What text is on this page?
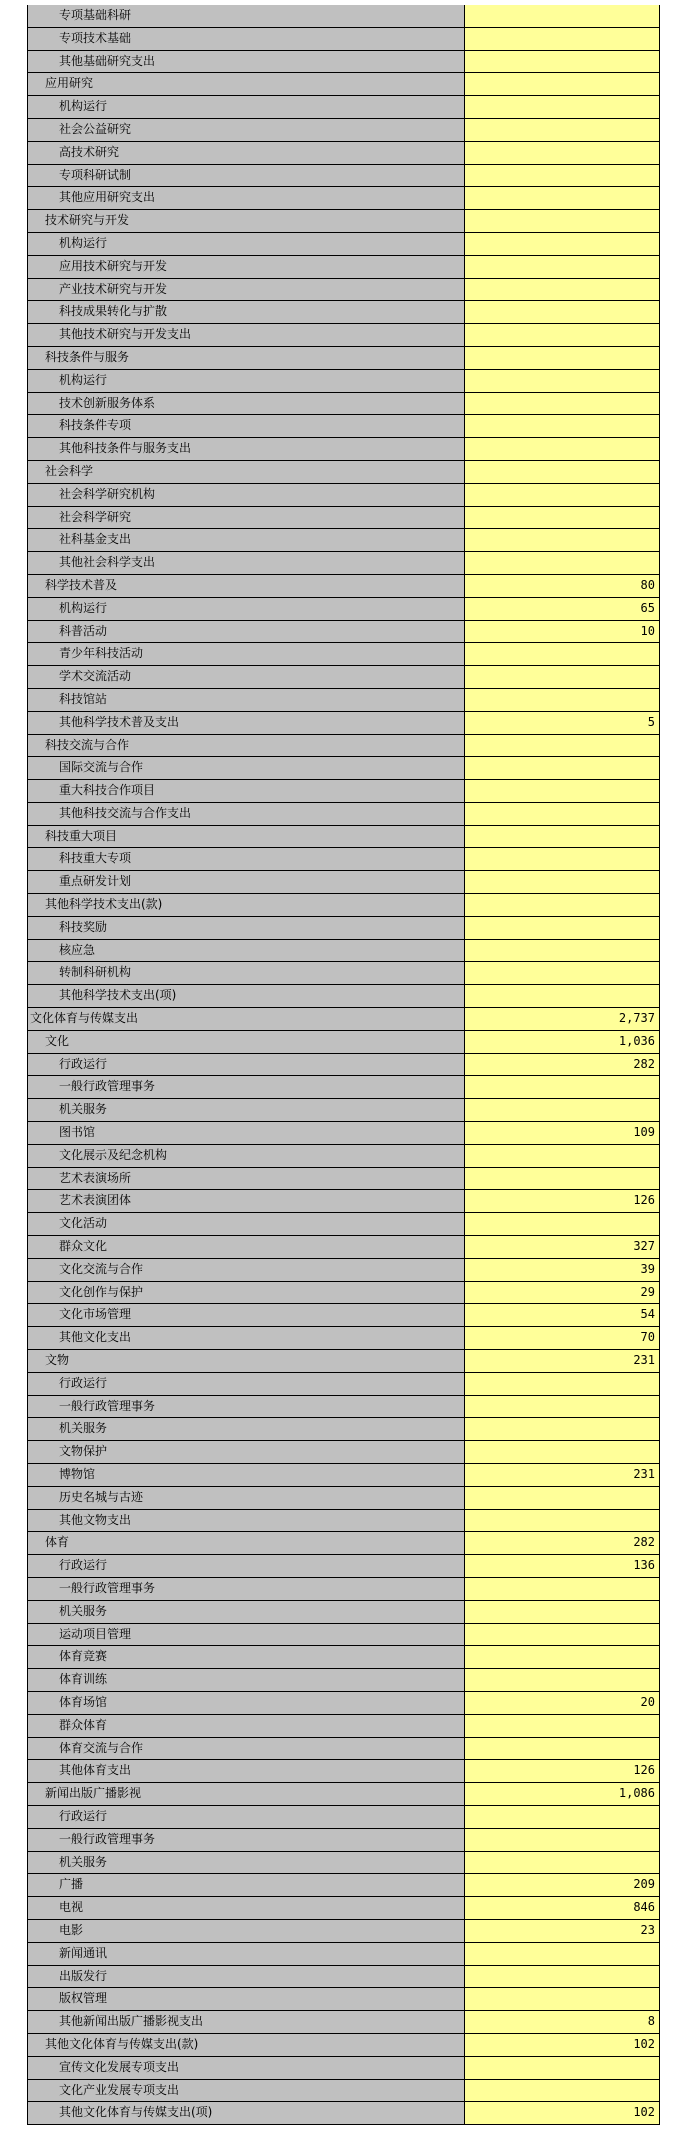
专项基础科研
专项技术基础
其他基础研究支出
应用研究
机构运行
社会公益研究
高技术研究
专项科研试制
其他应用研究支出
技术研究与开发
机构运行
应用技术研究与开发
产业技术研究与开发
科技成果转化与扩散
其他技术研究与开发支出
科技条件与服务
机构运行
技术创新服务体系
科技条件专项
其他科技条件与服务支出
社会科学
社会科学研究机构
社会科学研究
社科基金支出
其他社会科学支出
科学技术普及	80
机构运行	65
科普活动	10
青少年科技活动
学术交流活动
科技馆站
其他科学技术普及支出	5
科技交流与合作
国际交流与合作
重大科技合作项目
其他科技交流与合作支出
科技重大项目
科技重大专项
重点研发计划
其他科学技术支出(款)
科技奖励
核应急
转制科研机构
其他科学技术支出(项)
文化体育与传媒支出	2,737
文化	1,036
行政运行	282
一般行政管理事务
机关服务
图书馆	109
文化展示及纪念机构
艺术表演场所
艺术表演团体	126
文化活动
群众文化	327
文化交流与合作	39
文化创作与保护	29
文化市场管理	54
其他文化支出	70
文物	231
行政运行
一般行政管理事务
机关服务
文物保护
博物馆	231
历史名城与古迹
其他文物支出
体育	282
行政运行	136
一般行政管理事务
机关服务
运动项目管理
体育竞赛
体育训练
体育场馆	20
群众体育
体育交流与合作
其他体育支出	126
新闻出版广播影视	1,086
行政运行
一般行政管理事务
机关服务
广播	209
电视	846
电影	23
新闻通讯
出版发行
版权管理
其他新闻出版广播影视支出	8
其他文化体育与传媒支出(款)	102
宣传文化发展专项支出
文化产业发展专项支出
其他文化体育与传媒支出(项)	102
